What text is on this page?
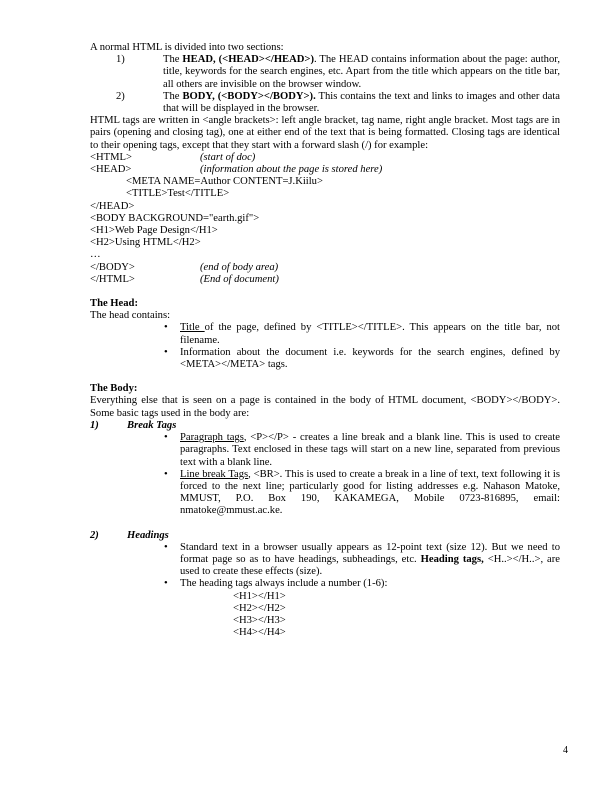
A normal HTML is divided into two sections:

1)	The HEAD, (<HEAD></HEAD>). The HEAD contains information about the page: author, title, keywords for the search engines, etc. Apart from the title which appears on the title bar, all others are invisible on the browser window.
2)	The BODY, (<BODY></BODY>). This contains the text and links to images and other data that will be displayed in the browser.

HTML tags are written in <angle brackets>: left angle bracket, tag name, right angle bracket. Most tags are in pairs (opening and closing tag), one at either end of the text that is being formatted. Closing tags are identical to their opening tags, except that they start with a forward slash (/) for example:

<HTML>	(start of doc)
<HEAD>	(information about the page is stored here)
<META NAME=Author CONTENT=J.Kiilu>
<TITLE>Test</TITLE>
</HEAD>
<BODY BACKGROUND="earth.gif">
<H1>Web Page Design</H1>
<H2>Using HTML</H2>
…
</BODY>	(end of body area)
</HTML>	(End of document)

The Head:

The head contains:

•	Title of the page, defined by <TITLE></TITLE>. This appears on the title bar, not filename.
•	Information about the document i.e. keywords for the search engines, defined by <META></META> tags.

The Body:

Everything else that is seen on a page is contained in the body of HTML document, <BODY></BODY>. Some basic tags used in the body are:

1)	Break Tags
•	Paragraph tags, <P></P> - creates a line break and a blank line. This is used to create paragraphs. Text enclosed in these tags will start on a new line, separated from previous text with a blank line.
•	Line break Tags, <BR>. This is used to create a break in a line of text, text following it is forced to the next line; particularly good for listing addresses e.g. Nahason Matoke, MMUST, P.O. Box 190, KAKAMEGA, Mobile 0723-816895, email: nmatoke@mmust.ac.ke.
2)	Headings
•	Standard text in a browser usually appears as 12-point text (size 12). But we need to format page so as to have headings, subheadings, etc. Heading tags, <H..></H..>, are used to create these effects (size).
•	The heading tags always include a number (1-6):
<H1></H1>
<H2></H2>
<H3></H3>
<H4></H4>
4
